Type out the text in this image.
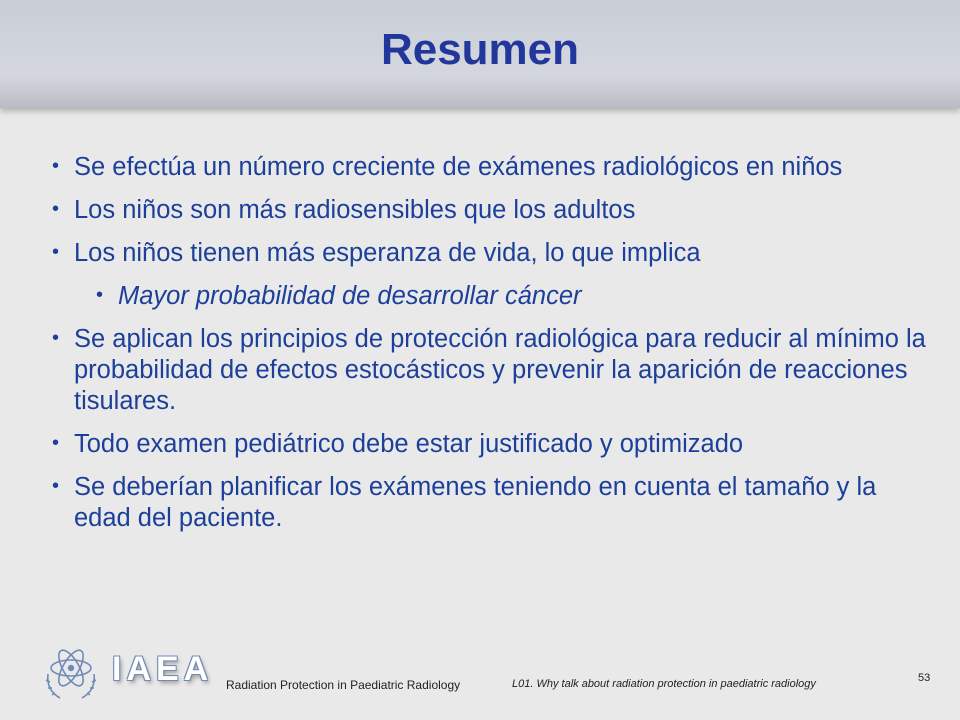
Resumen
• Se efectúa un número creciente de exámenes radiológicos en niños
• Los niños son más radiosensibles que los adultos
• Los niños tienen más esperanza de vida, lo que implica
• Mayor probabilidad de desarrollar cáncer
• Se aplican los principios de protección radiológica para reducir al mínimo la probabilidad de efectos estocásticos y prevenir la aparición de reacciones tisulares.
• Todo examen pediátrico debe estar justificado y optimizado
• Se deberían planificar los exámenes teniendo en cuenta el tamaño y la edad del paciente.
IAEA Radiation Protection in Paediatric Radiology	L01. Why talk about radiation protection in paediatric radiology	53
